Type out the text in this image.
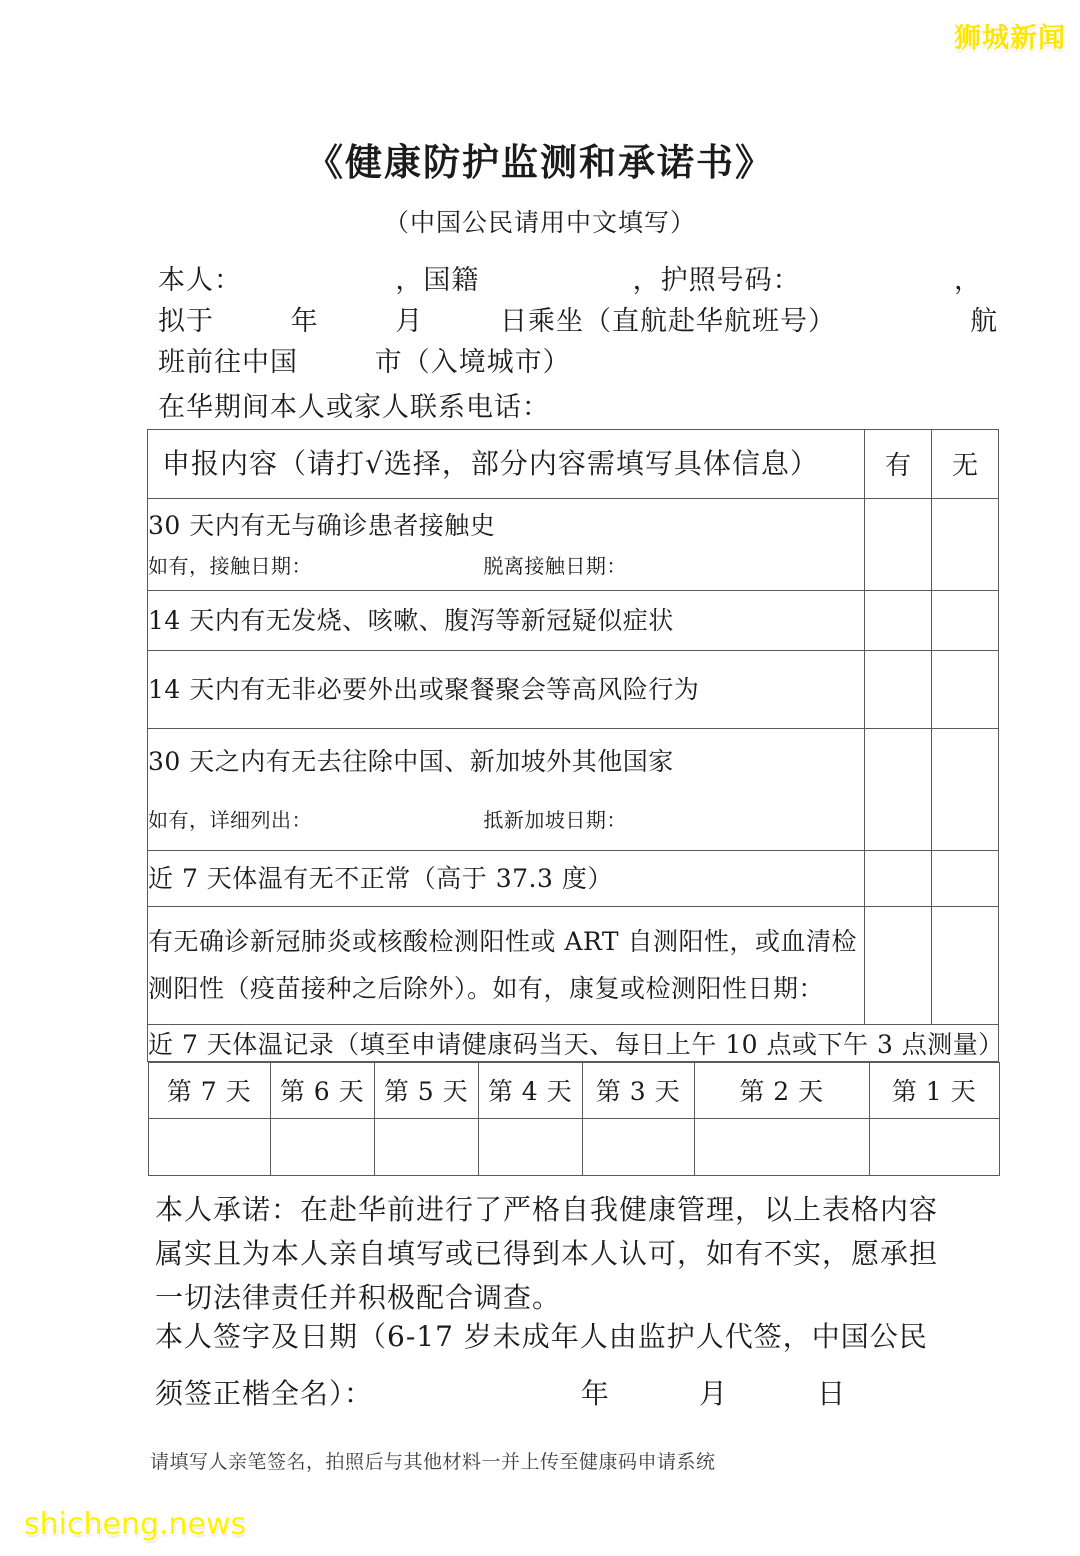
狮城新闻
《健康防护监测和承诺书》
（中国公民请用中文填写）
本人：                ，国籍                ，护照号码：                ，
拟于        年        月        日乘坐（直航赴华航班号）              航
班前往中国        市（入境城市）
在华期间本人或家人联系电话：
申报内容（请打√选择，部分内容需填写具体信息）	有	无

30 天内有无与确诊患者接触史
如有，接触日期：                         脱离接触日期：

14 天内有无发烧、咳嗽、腹泻等新冠疑似症状

14 天内有无非必要外出或聚餐聚会等高风险行为

30 天之内有无去往除中国、新加坡外其他国家
如有，详细列出：                         抵新加坡日期：

近 7 天体温有无不正常（高于 37.3 度）

有无确诊新冠肺炎或核酸检测阳性或 ART 自测阳性，或血清检测阳性（疫苗接种之后除外）。如有，康复或检测阳性日期：

近 7 天体温记录（填至申请健康码当天、每日上午 10 点或下午 3 点测量）

第 7 天	第 6 天	第 5 天	第 4 天	第 3 天	第 2 天	第 1 天

本人承诺：在赴华前进行了严格自我健康管理，以上表格内容属实且为本人亲自填写或已得到本人认可，如有不实，愿承担一切法律责任并积极配合调查。
本人签字及日期（6-17 岁未成年人由监护人代签，中国公民
须签正楷全名）：                     年         月         日
请填写人亲笔签名，拍照后与其他材料一并上传至健康码申请系统
shicheng.news
